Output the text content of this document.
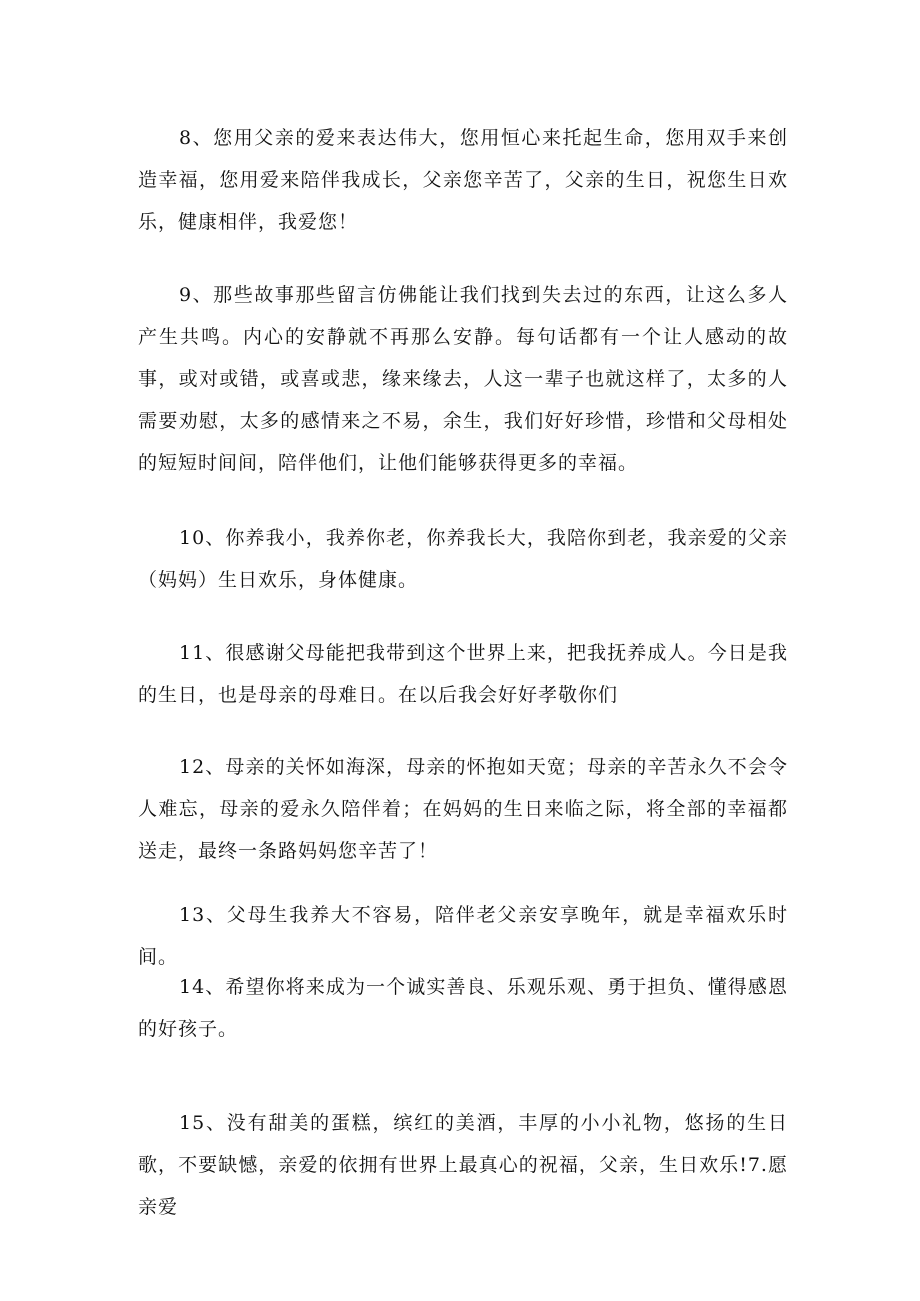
8、您用父亲的爱来表达伟大，您用恒心来托起生命，您用双手来创造幸福，您用爱来陪伴我成长，父亲您辛苦了，父亲的生日，祝您生日欢乐，健康相伴，我爱您！

9、那些故事那些留言仿佛能让我们找到失去过的东西，让这么多人产生共鸣。内心的安静就不再那么安静。每句话都有一个让人感动的故事，或对或错，或喜或悲，缘来缘去，人这一辈子也就这样了，太多的人需要劝慰，太多的感情来之不易，余生，我们好好珍惜，珍惜和父母相处的短短时间间，陪伴他们，让他们能够获得更多的幸福。

10、你养我小，我养你老，你养我长大，我陪你到老，我亲爱的父亲（妈妈）生日欢乐，身体健康。

11、很感谢父母能把我带到这个世界上来，把我抚养成人。今日是我的生日，也是母亲的母难日。在以后我会好好孝敬你们

12、母亲的关怀如海深，母亲的怀抱如天宽；母亲的辛苦永久不会令人难忘，母亲的爱永久陪伴着；在妈妈的生日来临之际，将全部的幸福都送走，最终一条路妈妈您辛苦了！

13、父母生我养大不容易，陪伴老父亲安享晚年，就是幸福欢乐时间。

14、希望你将来成为一个诚实善良、乐观乐观、勇于担负、懂得感恩的好孩子。

15、没有甜美的蛋糕，缤红的美酒，丰厚的小小礼物，悠扬的生日歌，不要缺憾，亲爱的依拥有世界上最真心的祝福，父亲，生日欢乐!7.愿亲爱
